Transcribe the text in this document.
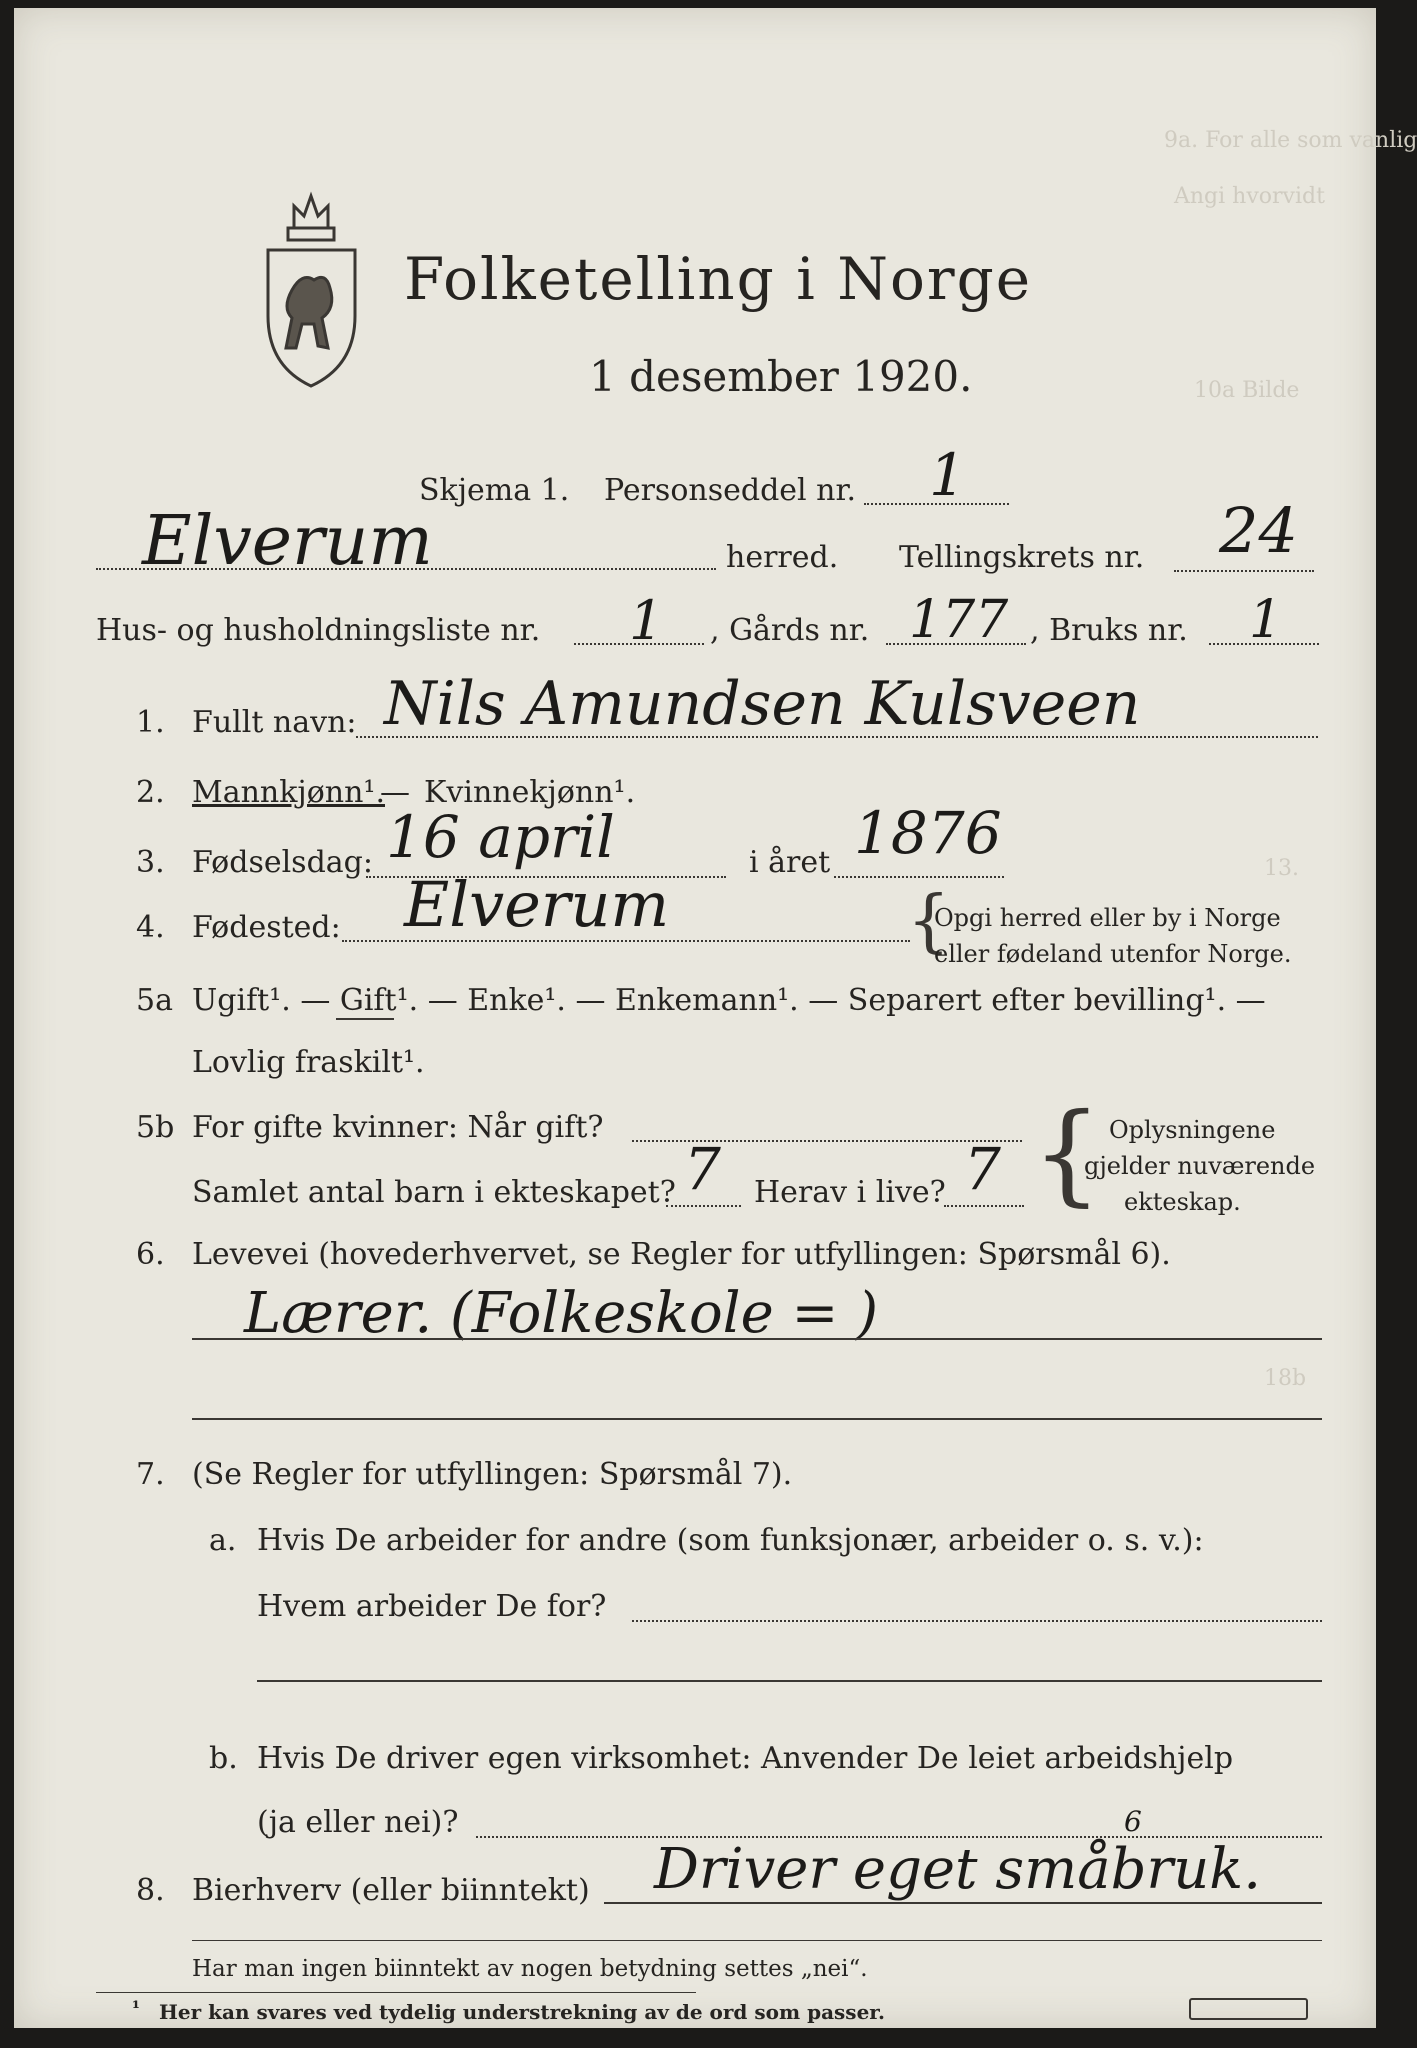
9a. For alle som vanlig
Angi hvorvidt
10a Bilde
13.
18b
Folketelling i Norge
1 desember 1920.
Skjema 1. Personseddel nr. 1
Elverum	herred. Tellingskrets nr. 24
Hus- og husholdningsliste nr. 1 , Gårds nr. 177 , Bruks nr. 1
1. Fullt navn: Nils Amundsen Kulsveen
2. Mannkjønn¹.
— Kvinnekjønn¹.
3. Fødselsdag: 16 april	i året 1876
4. Fødested: Elverum	{
Opgi herred eller by i Norge
eller fødeland utenfor Norge.
5a Ugift¹. — Gift¹. — Enke¹. — Enkemann¹. — Separert efter bevilling¹. —
Lovlig fraskilt¹.
5b For gifte kvinner: Når gift?
Samlet antal barn i ekteskapet? 7 Herav i live? 7 { Oplysningene
gjelder nuværende
ekteskap.
6. Levevei (hovederhvervet, se Regler for utfyllingen: Spørsmål 6).
Lærer. (Folkeskole = )
7. (Se Regler for utfyllingen: Spørsmål 7).
a. Hvis De arbeider for andre (som funksjonær, arbeider o. s. v.):
Hvem arbeider De for?
b. Hvis De driver egen virksomhet: Anvender De leiet arbeidshjelp
(ja eller nei)?
8. Bierhverv (eller biinntekt) Driver eget småbruk.
6
Har man ingen biinntekt av nogen betydning settes „nei“.
¹ Her kan svares ved tydelig understrekning av de ord som passer.
